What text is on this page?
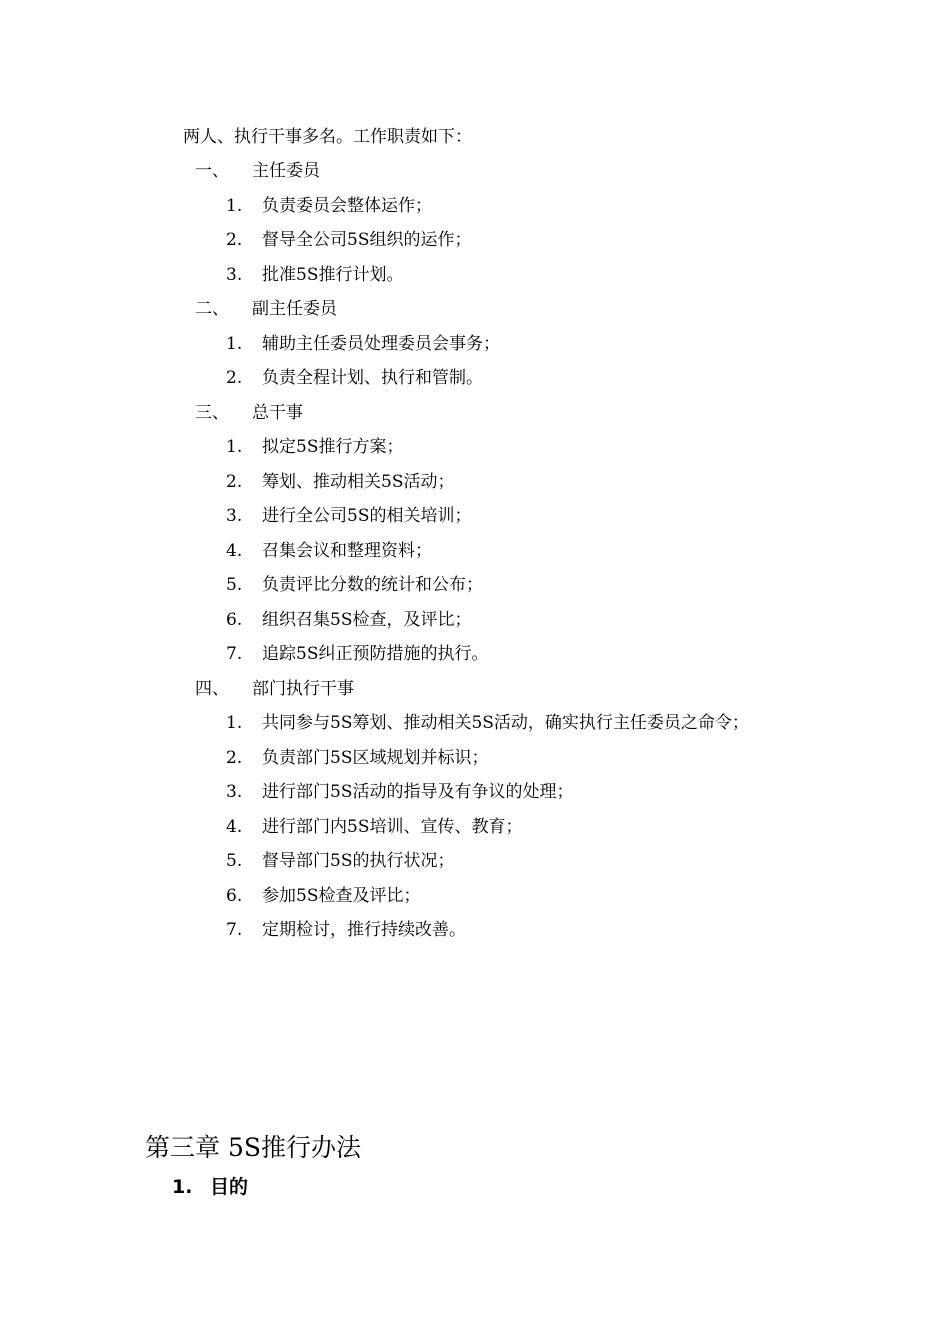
两人、执行干事多名。工作职责如下：
一、 主任委员
1. 负责委员会整体运作；
2. 督导全公司5S组织的运作；
3. 批准5S推行计划。
二、 副主任委员
1. 辅助主任委员处理委员会事务；
2. 负责全程计划、执行和管制。
三、 总干事
1. 拟定5S推行方案；
2. 筹划、推动相关5S活动；
3. 进行全公司5S的相关培训；
4. 召集会议和整理资料；
5. 负责评比分数的统计和公布；
6. 组织召集5S检查，及评比；
7. 追踪5S纠正预防措施的执行。
四、 部门执行干事
1. 共同参与5S筹划、推动相关5S活动，确实执行主任委员之命令；
2. 负责部门5S区域规划并标识；
3. 进行部门5S活动的指导及有争议的处理；
4. 进行部门内5S培训、宣传、教育；
5. 督导部门5S的执行状况；
6. 参加5S检查及评比；
7. 定期检讨，推行持续改善。
第三章 5S推行办法
1. 目的
